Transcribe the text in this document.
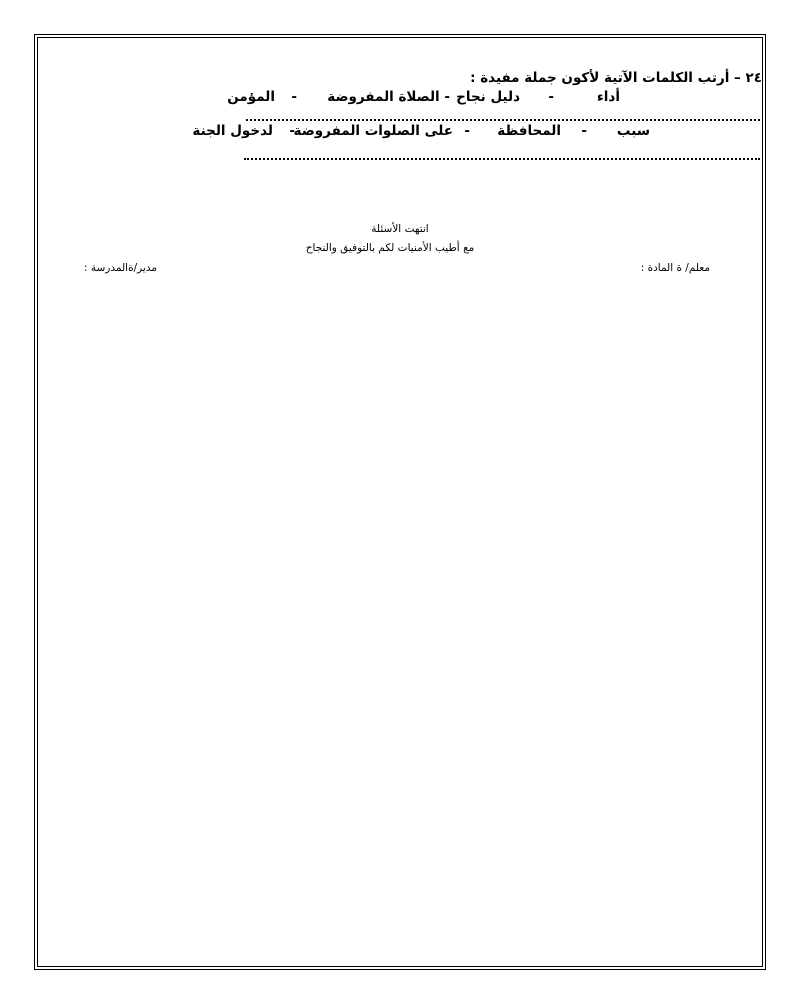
٢٤ – أرتب الكلمات الآتية لأكون جملة مفيدة :
أداء
-
دليل نجاح
- الصلاة المفروضة
-
المؤمن
سبب
-
المحافظة
-
على الصلوات المفروضة
-
لدخول الجنة
انتهت الأسئلة
مع أطيب الأمنيات لكم بالتوفيق والنجاح
معلم/ ة المادة :
مدير/ةالمدرسة :
